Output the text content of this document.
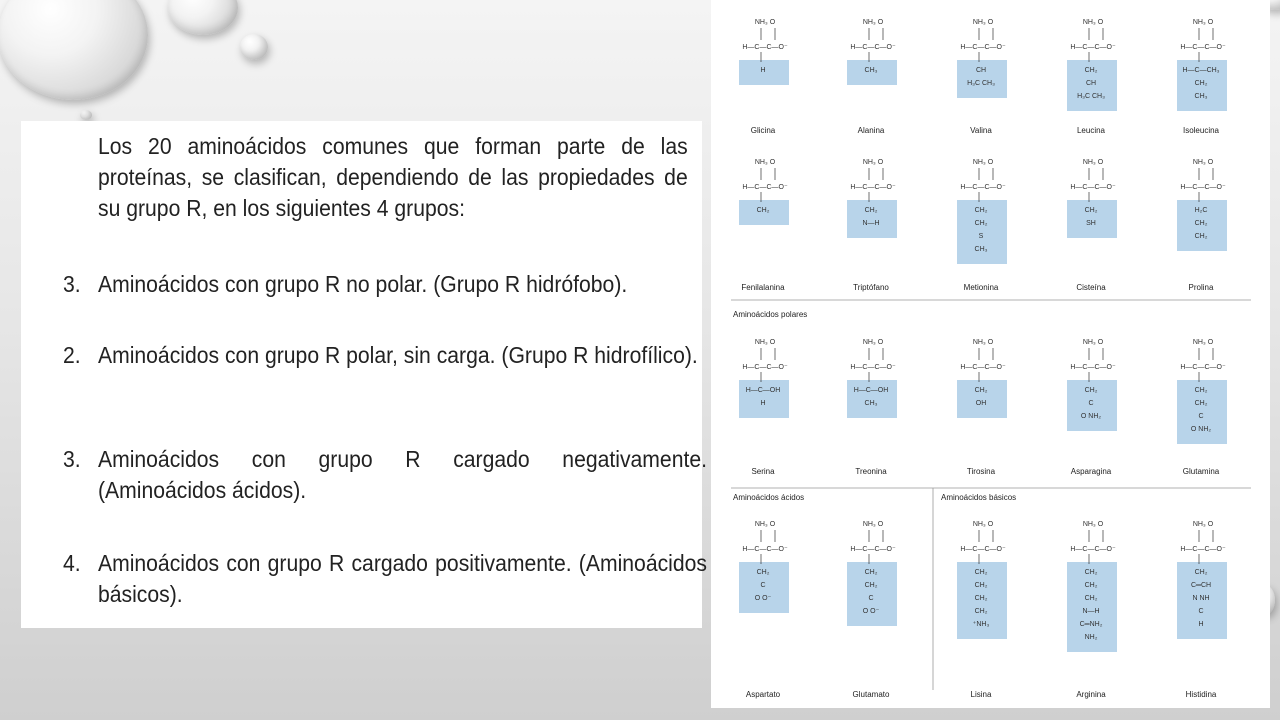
Los 20 aminoácidos comunes que forman parte de las proteínas, se clasifican, dependiendo de las propiedades de su grupo R, en los siguientes 4 grupos:

3. Aminoácidos con grupo R no polar. (Grupo R hidrófobo).
2. Aminoácidos con grupo R polar, sin carga. (Grupo R hidrofílico).
3. Aminoácidos con grupo R cargado negativamente. (Aminoácidos ácidos).
4. Aminoácidos con grupo R cargado positivamente. (Aminoácidos básicos).
Aminoácidos polares
Aminoácidos ácidos	Aminoácidos básicos
NH₃ O
H—C—C—O⁻
H
Glicina
NH₃ O
H—C—C—O⁻
CH₃
Alanina
NH₃ O
H—C—C—O⁻
CH
H₃C CH₃
Valina
NH₃ O
H—C—C—O⁻
CH₂
CH
H₃C CH₃
Leucina
NH₃ O
H—C—C—O⁻
H—C—CH₃
CH₂
CH₃
Isoleucina
NH₃ O
H—C—C—O⁻
CH₂
Fenilalanina
NH₃ O
H—C—C—O⁻
CH₂
N—H
Triptófano
NH₃ O
H—C—C—O⁻
CH₂
CH₂
S
CH₃
Metionina
NH₃ O
H—C—C—O⁻
CH₂
SH
Cisteína
NH₃ O
H—C—C—O⁻
H₂C
CH₂
CH₂
Prolina
NH₃ O
H—C—C—O⁻
H—C—OH
H
Serina
NH₃ O
H—C—C—O⁻
H—C—OH
CH₃
Treonina
NH₃ O
H—C—C—O⁻
CH₂
OH
Tirosina
NH₃ O
H—C—C—O⁻
CH₂
C
O NH₂
Asparagina
NH₃ O
H—C—C—O⁻
CH₂
CH₂
C
O NH₂
Glutamina
NH₃ O
H—C—C—O⁻
CH₂
C
O O⁻
Aspartato
NH₃ O
H—C—C—O⁻
CH₂
CH₂
C
O O⁻
Glutamato
NH₃ O
H—C—C—O⁻
CH₂
CH₂
CH₂
CH₂
⁺NH₃
Lisina
NH₃ O
H—C—C—O⁻
CH₂
CH₂
CH₂
N—H
C═NH₂
NH₂
Arginina
NH₃ O
H—C—C—O⁻
CH₂
C═CH
N NH
C
H
Histidina
